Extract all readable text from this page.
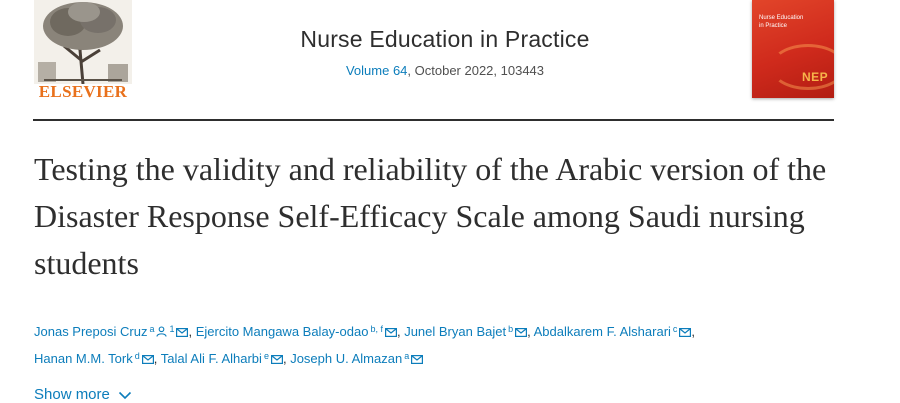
ELSEVIER
Nurse Education in Practice
Volume 64, October 2022, 103443
Nurse Education in Practice
NEP
Testing the validity and reliability of the Arabic version of the Disaster Response Self-Efficacy Scale among Saudi nursing students
Jonas Preposi Cruz $^a$ $^1$ , Ejercito Mangawa Balay-odao $^{b, f}$ , Junel Bryan Bajet $^b$ , Abdalkarem F. Alsharari $^c$ ,
Hanan M.M. Tork $^d$ , Talal Ali F. Alharbi $^e$ , Joseph U. Almazan $^a$
Show more
